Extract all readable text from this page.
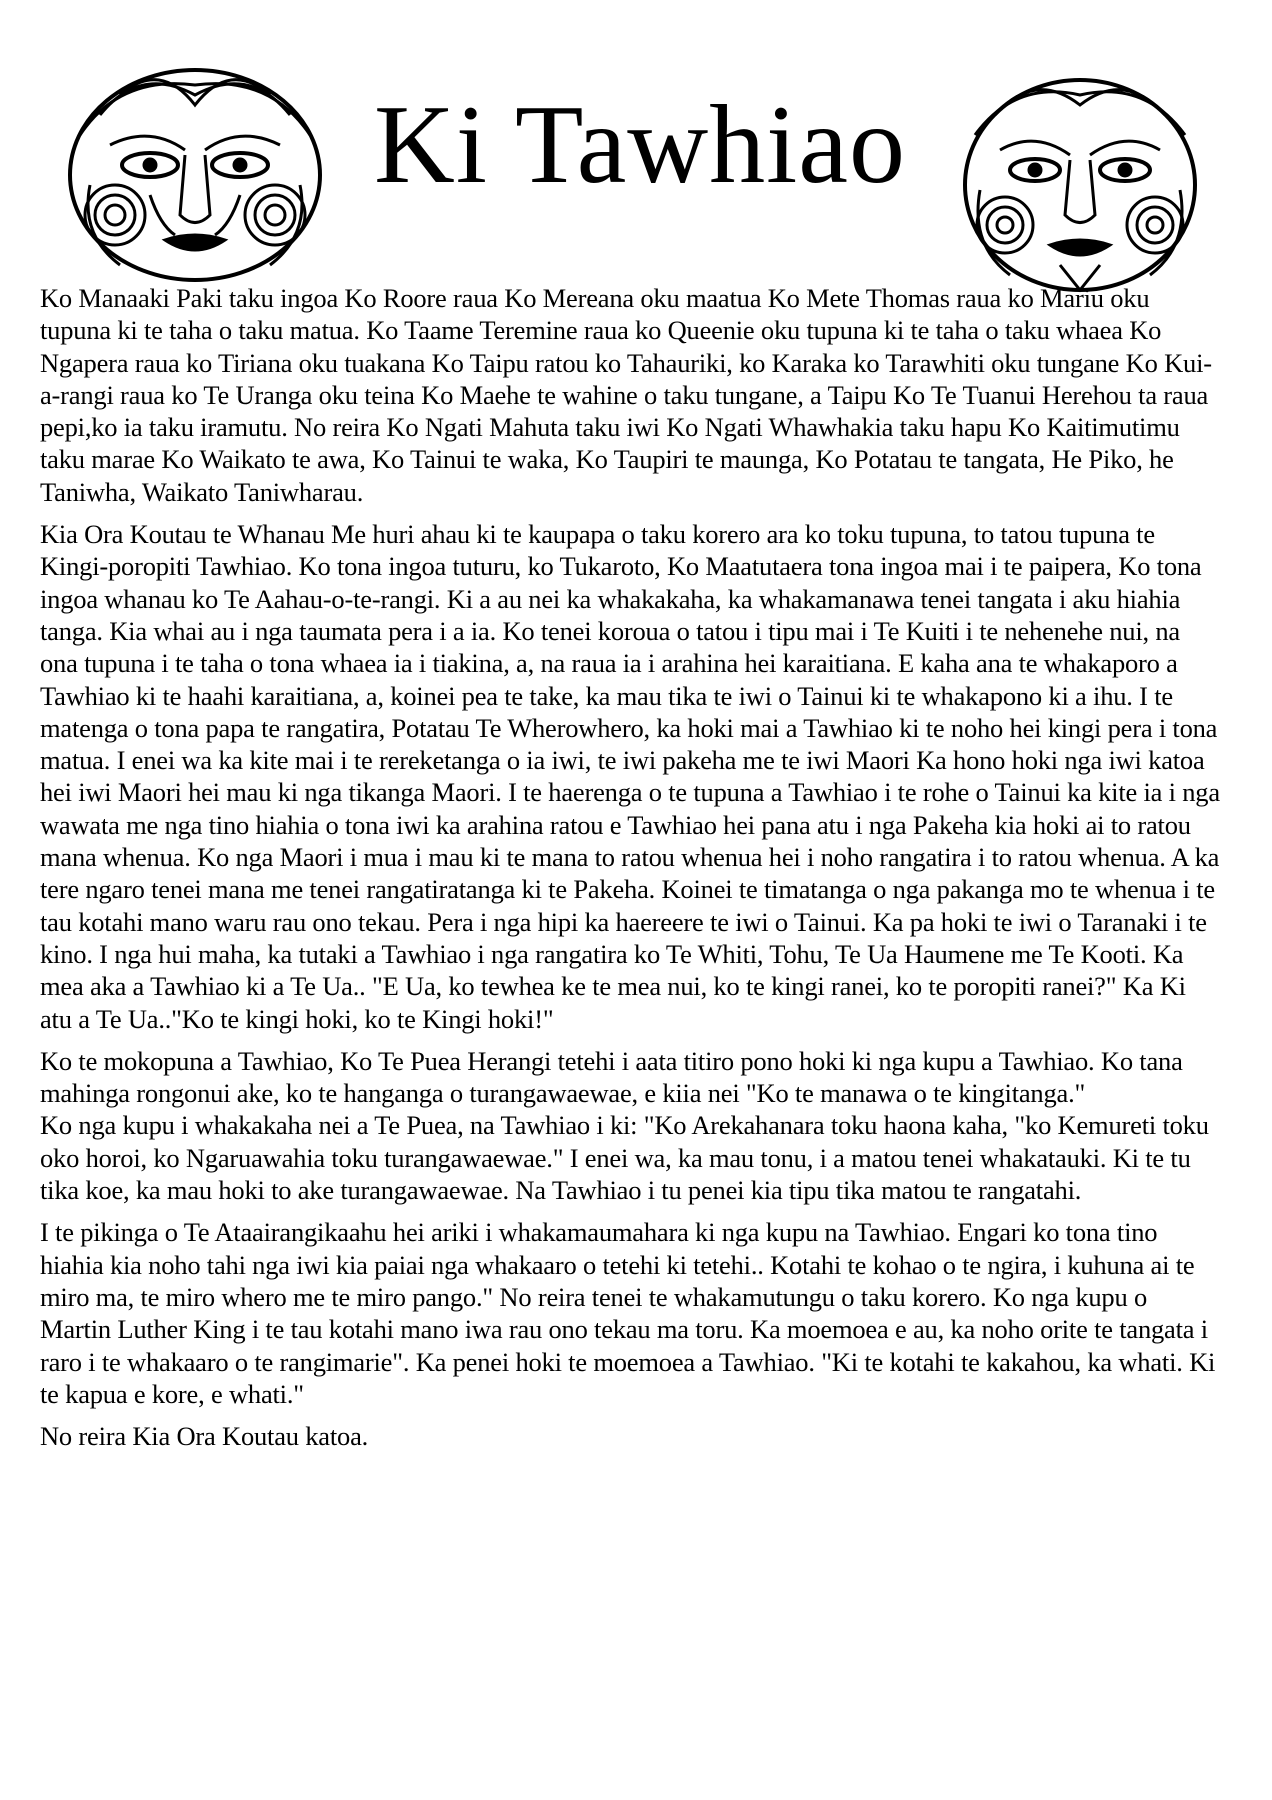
Ki Tawhiao

Ko Manaaki Paki taku ingoa Ko Roore raua Ko Mereana oku maatua Ko Mete Thomas raua ko Mariu oku tupuna ki te taha o taku matua. Ko Taame Teremine raua ko Queenie oku tupuna ki te taha o taku whaea Ko Ngapera raua ko Tiriana oku tuakana Ko Taipu ratou ko Tahauriki, ko Karaka ko Tarawhiti oku tungane Ko Kui-a-rangi raua ko Te Uranga oku teina Ko Maehe te wahine o taku tungane, a Taipu Ko Te Tuanui Herehou ta raua pepi,ko ia taku iramutu. No reira Ko Ngati Mahuta taku iwi Ko Ngati Whawhakia taku hapu Ko Kaitimutimu taku marae Ko Waikato te awa, Ko Tainui te waka, Ko Taupiri te maunga, Ko Potatau te tangata, He Piko, he Taniwha, Waikato Taniwharau.

Kia Ora Koutau te Whanau Me huri ahau ki te kaupapa o taku korero ara ko toku tupuna, to tatou tupuna te Kingi-poropiti Tawhiao. Ko tona ingoa tuturu, ko Tukaroto, Ko Maatutaera tona ingoa mai i te paipera, Ko tona ingoa whanau ko Te Aahau-o-te-rangi. Ki a au nei ka whakakaha, ka whakamanawa tenei tangata i aku hiahia tanga. Kia whai au i nga taumata pera i a ia. Ko tenei koroua o tatou i tipu mai i Te Kuiti i te nehenehe nui, na ona tupuna i te taha o tona whaea ia i tiakina, a, na raua ia i arahina hei karaitiana. E kaha ana te whakaporo a Tawhiao ki te haahi karaitiana, a, koinei pea te take, ka mau tika te iwi o Tainui ki te whakapono ki a ihu. I te matenga o tona papa te rangatira, Potatau Te Wherowhero, ka hoki mai a Tawhiao ki te noho hei kingi pera i tona matua. I enei wa ka kite mai i te rereketanga o ia iwi, te iwi pakeha me te iwi Maori Ka hono hoki nga iwi katoa hei iwi Maori hei mau ki nga tikanga Maori. I te haerenga o te tupuna a Tawhiao i te rohe o Tainui ka kite ia i nga wawata me nga tino hiahia o tona iwi ka arahina ratou e Tawhiao hei pana atu i nga Pakeha kia hoki ai to ratou mana whenua. Ko nga Maori i mua i mau ki te mana to ratou whenua hei i noho rangatira i to ratou whenua. A ka tere ngaro tenei mana me tenei rangatiratanga ki te Pakeha. Koinei te timatanga o nga pakanga mo te whenua i te tau kotahi mano waru rau ono tekau. Pera i nga hipi ka haereere te iwi o Tainui. Ka pa hoki te iwi o Taranaki i te kino. I nga hui maha, ka tutaki a Tawhiao i nga rangatira ko Te Whiti, Tohu, Te Ua Haumene me Te Kooti. Ka mea aka a Tawhiao ki a Te Ua.. "E Ua, ko tewhea ke te mea nui, ko te kingi ranei, ko te poropiti ranei?" Ka Ki atu a Te Ua.."Ko te kingi hoki, ko te Kingi hoki!"

Ko te mokopuna a Tawhiao, Ko Te Puea Herangi tetehi i aata titiro pono hoki ki nga kupu a Tawhiao. Ko tana mahinga rongonui ake, ko te hanganga o turangawaewae, e kiia nei "Ko te manawa o te kingitanga."

Ko nga kupu i whakakaha nei a Te Puea, na Tawhiao i ki: "Ko Arekahanara toku haona kaha, "ko Kemureti toku oko horoi, ko Ngaruawahia toku turangawaewae." I enei wa, ka mau tonu, i a matou tenei whakatauki. Ki te tu tika koe, ka mau hoki to ake turangawaewae. Na Tawhiao i tu penei kia tipu tika matou te rangatahi.

I te pikinga o Te Ataairangikaahu hei ariki i whakamaumahara ki nga kupu na Tawhiao. Engari ko tona tino hiahia kia noho tahi nga iwi kia paiai nga whakaaro o tetehi ki tetehi.. Kotahi te kohao o te ngira, i kuhuna ai te miro ma, te miro whero me te miro pango." No reira tenei te whakamutungu o taku korero. Ko nga kupu o Martin Luther King i te tau kotahi mano iwa rau ono tekau ma toru. Ka moemoea e au, ka noho orite te tangata i raro i te whakaaro o te rangimarie". Ka penei hoki te moemoea a Tawhiao. "Ki te kotahi te kakahou, ka whati. Ki te kapua e kore, e whati."

No reira Kia Ora Koutau katoa.
